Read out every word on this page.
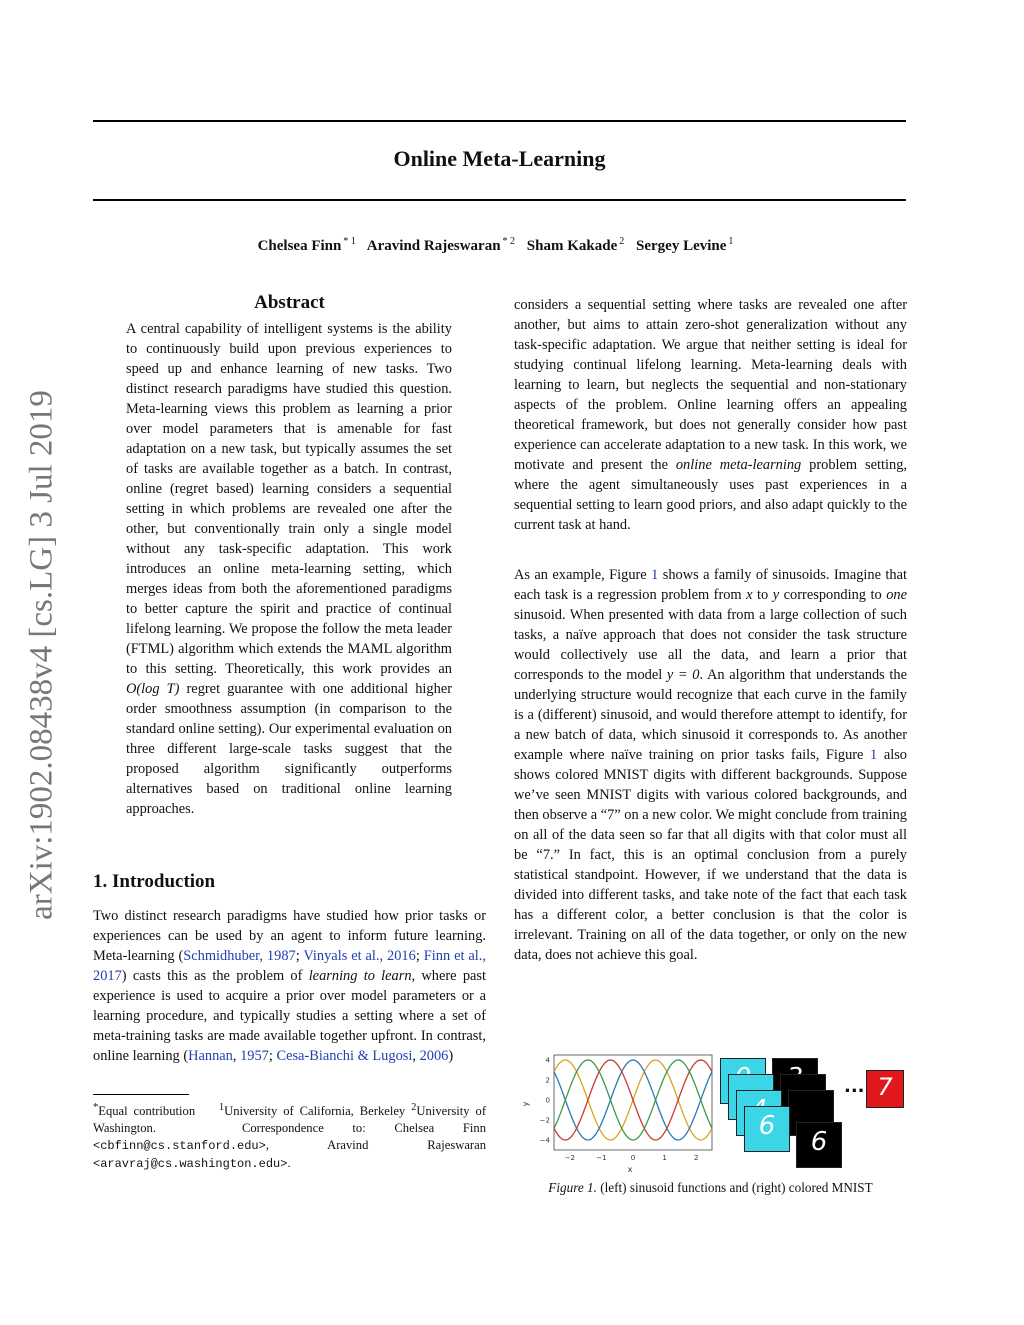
Online Meta-Learning
Chelsea Finn $^{* 1}$ Aravind Rajeswaran $^{* 2}$ Sham Kakade $^2$ Sergey Levine $^1$
arXiv:1902.08438v4 [cs.LG] 3 Jul 2019
Abstract
A central capability of intelligent systems is the ability to continuously build upon previous experiences to speed up and enhance learning of new tasks. Two distinct research paradigms have studied this question. Meta-learning views this problem as learning a prior over model parameters that is amenable for fast adaptation on a new task, but typically assumes the set of tasks are available together as a batch. In contrast, online (regret based) learning considers a sequential setting in which problems are revealed one after the other, but conventionally train only a single model without any task-specific adaptation. This work introduces an online meta-learning setting, which merges ideas from both the aforementioned paradigms to better capture the spirit and practice of continual lifelong learning. We propose the follow the meta leader (FTML) algorithm which extends the MAML algorithm to this setting. Theoretically, this work provides an O(log T) regret guarantee with one additional higher order smoothness assumption (in comparison to the standard online setting). Our experimental evaluation on three different large-scale tasks suggest that the proposed algorithm significantly outperforms alternatives based on traditional online learning approaches.
1. Introduction
Two distinct research paradigms have studied how prior tasks or experiences can be used by an agent to inform future learning. Meta-learning (Schmidhuber, 1987; Vinyals et al., 2016; Finn et al., 2017) casts this as the problem of learning to learn, where past experience is used to acquire a prior over model parameters or a learning procedure, and typically studies a setting where a set of meta-training tasks are made available together upfront. In contrast, online learning (Hannan, 1957; Cesa-Bianchi & Lugosi, 2006)
*Equal contribution $^1$University of California, Berkeley $^2$University of Washington.	Correspondence to: Chelsea Finn <cbfinn@cs.stanford.edu>, Aravind Rajeswaran <aravraj@cs.washington.edu>.
considers a sequential setting where tasks are revealed one after another, but aims to attain zero-shot generalization without any task-specific adaptation. We argue that neither setting is ideal for studying continual lifelong learning. Meta-learning deals with learning to learn, but neglects the sequential and non-stationary aspects of the problem. Online learning offers an appealing theoretical framework, but does not generally consider how past experience can accelerate adaptation to a new task. In this work, we motivate and present the online meta-learning problem setting, where the agent simultaneously uses past experiences in a sequential setting to learn good priors, and also adapt quickly to the current task at hand.
As an example, Figure 1 shows a family of sinusoids. Imagine that each task is a regression problem from x to y corresponding to one sinusoid. When presented with data from a large collection of such tasks, a naïve approach that does not consider the task structure would collectively use all the data, and learn a prior that corresponds to the model y = 0. An algorithm that understands the underlying structure would recognize that each curve in the family is a (different) sinusoid, and would therefore attempt to identify, for a new batch of data, which sinusoid it corresponds to. As another example where naïve training on prior tasks fails, Figure 1 also shows colored MNIST digits with different backgrounds. Suppose we’ve seen MNIST digits with various colored backgrounds, and then observe a “7” on a new color. We might conclude from training on all of the data seen so far that all digits with that color must all be “7.” In fact, this is an optimal conclusion from a purely statistical standpoint. However, if we understand that the data is divided into different tasks, and take note of the fact that each task has a different color, a better conclusion is that the color is irrelevant. Training on all of the data together, or only on the new data, does not achieve this goal.
−2	−1	0	1	2
4
2
0
−2
−4
x
y
6
6
... 7
Figure 1. (left) sinusoid functions and (right) colored MNIST
